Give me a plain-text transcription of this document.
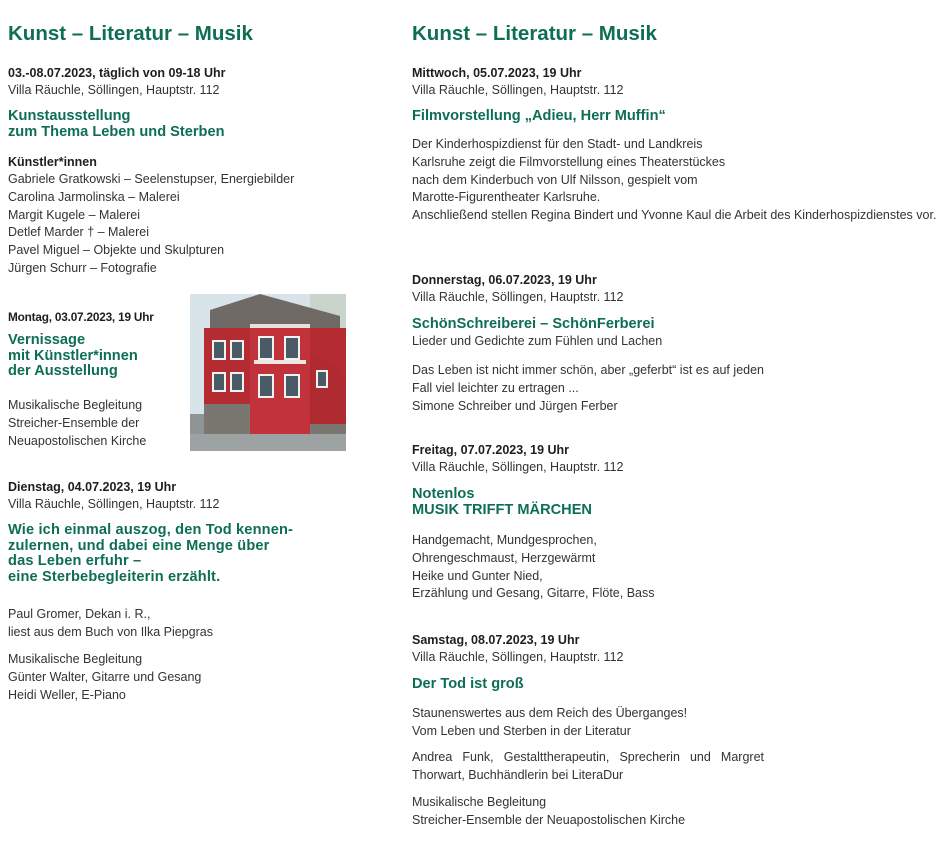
Kunst – Literatur – Musik
03.-08.07.2023, täglich von 09-18 Uhr
Villa Räuchle, Söllingen, Hauptstr. 112
Kunstausstellung
zum Thema Leben und Sterben
Künstler*innen
Gabriele Gratkowski – Seelenstupser, Energiebilder
Carolina Jarmolinska – Malerei
Margit Kugele – Malerei
Detlef Marder † – Malerei
Pavel Miguel – Objekte und Skulpturen
Jürgen Schurr – Fotografie
Montag, 03.07.2023, 19 Uhr
Vernissage
mit Künstler*innen
der Ausstellung
Musikalische Begleitung
Streicher-Ensemble der
Neuapostolischen Kirche
Dienstag, 04.07.2023, 19 Uhr
Villa Räuchle, Söllingen, Hauptstr. 112
Wie ich einmal auszog, den Tod kennen-
zulernen, und dabei eine Menge über
das Leben erfuhr –
eine Sterbebegleiterin erzählt.
Paul Gromer, Dekan i. R.,
liest aus dem Buch von Ilka Piepgras
Musikalische Begleitung
Günter Walter, Gitarre und Gesang
Heidi Weller, E-Piano
Kunst – Literatur – Musik
Mittwoch, 05.07.2023, 19 Uhr
Villa Räuchle, Söllingen, Hauptstr. 112
Filmvorstellung „Adieu, Herr Muffin“
Der Kinderhospizdienst für den Stadt- und Landkreis
Karlsruhe zeigt die Filmvorstellung eines Theaterstückes
nach dem Kinderbuch von Ulf Nilsson, gespielt vom
Marotte-Figurentheater Karlsruhe.
Anschließend stellen Regina Bindert und Yvonne Kaul die Arbeit des Kinderhospizdienstes vor.
Donnerstag, 06.07.2023, 19 Uhr
Villa Räuchle, Söllingen, Hauptstr. 112
SchönSchreiberei – SchönFerberei
Lieder und Gedichte zum Fühlen und Lachen
Das Leben ist nicht immer schön, aber „geferbt“ ist es auf jeden Fall viel leichter zu ertragen ...
Simone Schreiber und Jürgen Ferber
Freitag, 07.07.2023, 19 Uhr
Villa Räuchle, Söllingen, Hauptstr. 112
Notenlos
MUSIK TRIFFT MÄRCHEN
Handgemacht, Mundgesprochen,
Ohrengeschmaust, Herzgewärmt
Heike und Gunter Nied,
Erzählung und Gesang, Gitarre, Flöte, Bass
Samstag, 08.07.2023, 19 Uhr
Villa Räuchle, Söllingen, Hauptstr. 112
Der Tod ist groß
Staunenswertes aus dem Reich des Überganges!
Vom Leben und Sterben in der Literatur
Andrea Funk, Gestalttherapeutin, Sprecherin und Margret Thorwart, Buchhändlerin bei LiteraDur
Musikalische Begleitung
Streicher-Ensemble der Neuapostolischen Kirche
